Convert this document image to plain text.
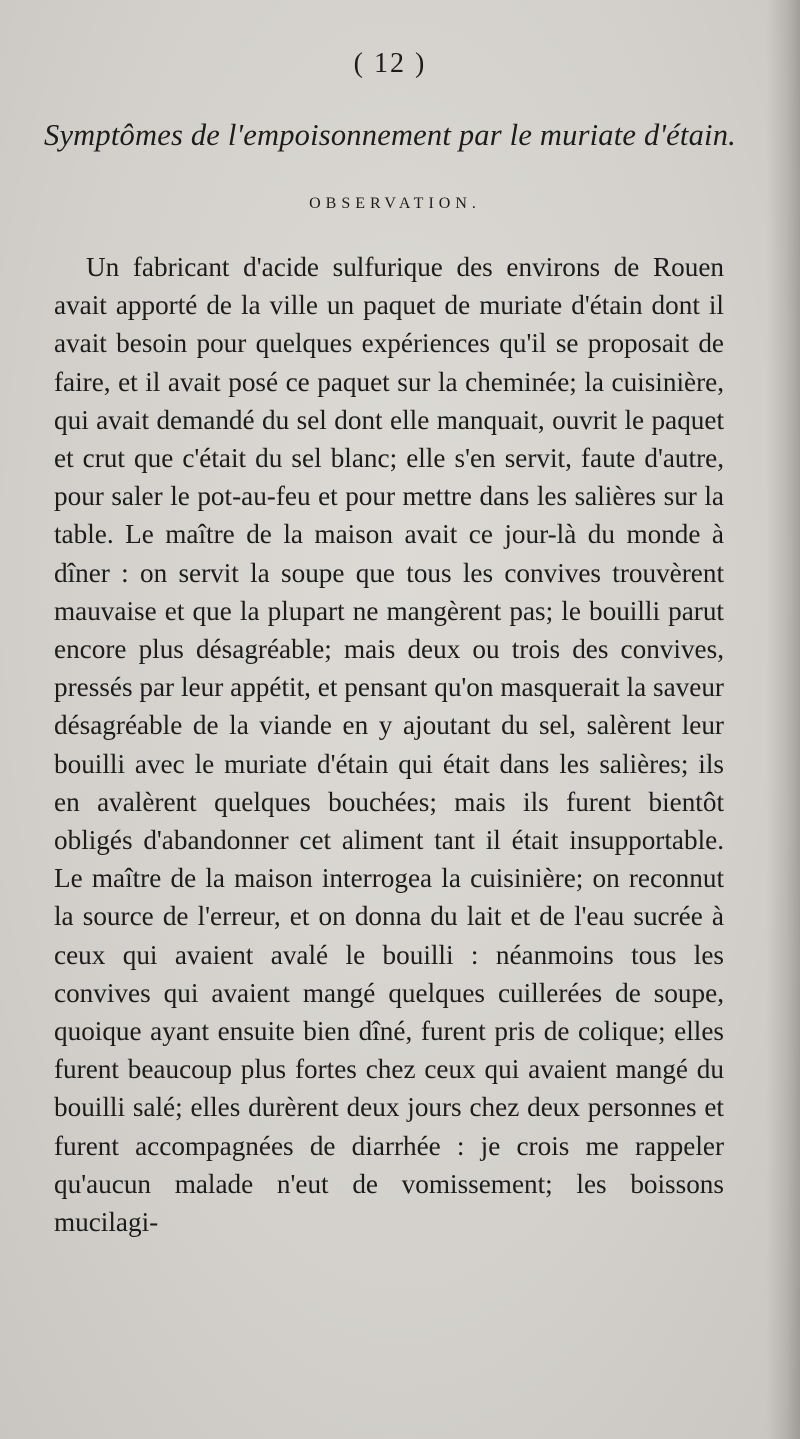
( 12 )
Symptômes de l'empoisonnement par le muriate d'étain.
OBSERVATION.

Un fabricant d'acide sulfurique des environs de Rouen avait apporté de la ville un paquet de muriate d'étain dont il avait besoin pour quelques expériences qu'il se proposait de faire, et il avait posé ce paquet sur la cheminée; la cuisinière, qui avait demandé du sel dont elle manquait, ouvrit le paquet et crut que c'était du sel blanc; elle s'en servit, faute d'autre, pour saler le pot-au-feu et pour mettre dans les salières sur la table. Le maître de la maison avait ce jour-là du monde à dîner : on servit la soupe que tous les convives trouvèrent mauvaise et que la plupart ne mangèrent pas; le bouilli parut encore plus désagréable; mais deux ou trois des convives, pressés par leur appétit, et pensant qu'on masquerait la saveur désagréable de la viande en y ajoutant du sel, salèrent leur bouilli avec le muriate d'étain qui était dans les salières; ils en avalèrent quelques bouchées; mais ils furent bientôt obligés d'abandonner cet aliment tant il était insupportable. Le maître de la maison interrogea la cuisinière; on reconnut la source de l'erreur, et on donna du lait et de l'eau sucrée à ceux qui avaient avalé le bouilli : néanmoins tous les convives qui avaient mangé quelques cuillerées de soupe, quoique ayant ensuite bien dîné, furent pris de colique; elles furent beaucoup plus fortes chez ceux qui avaient mangé du bouilli salé; elles durèrent deux jours chez deux personnes et furent accompagnées de diarrhée : je crois me rappeler qu'aucun malade n'eut de vomissement; les boissons mucilagi-
